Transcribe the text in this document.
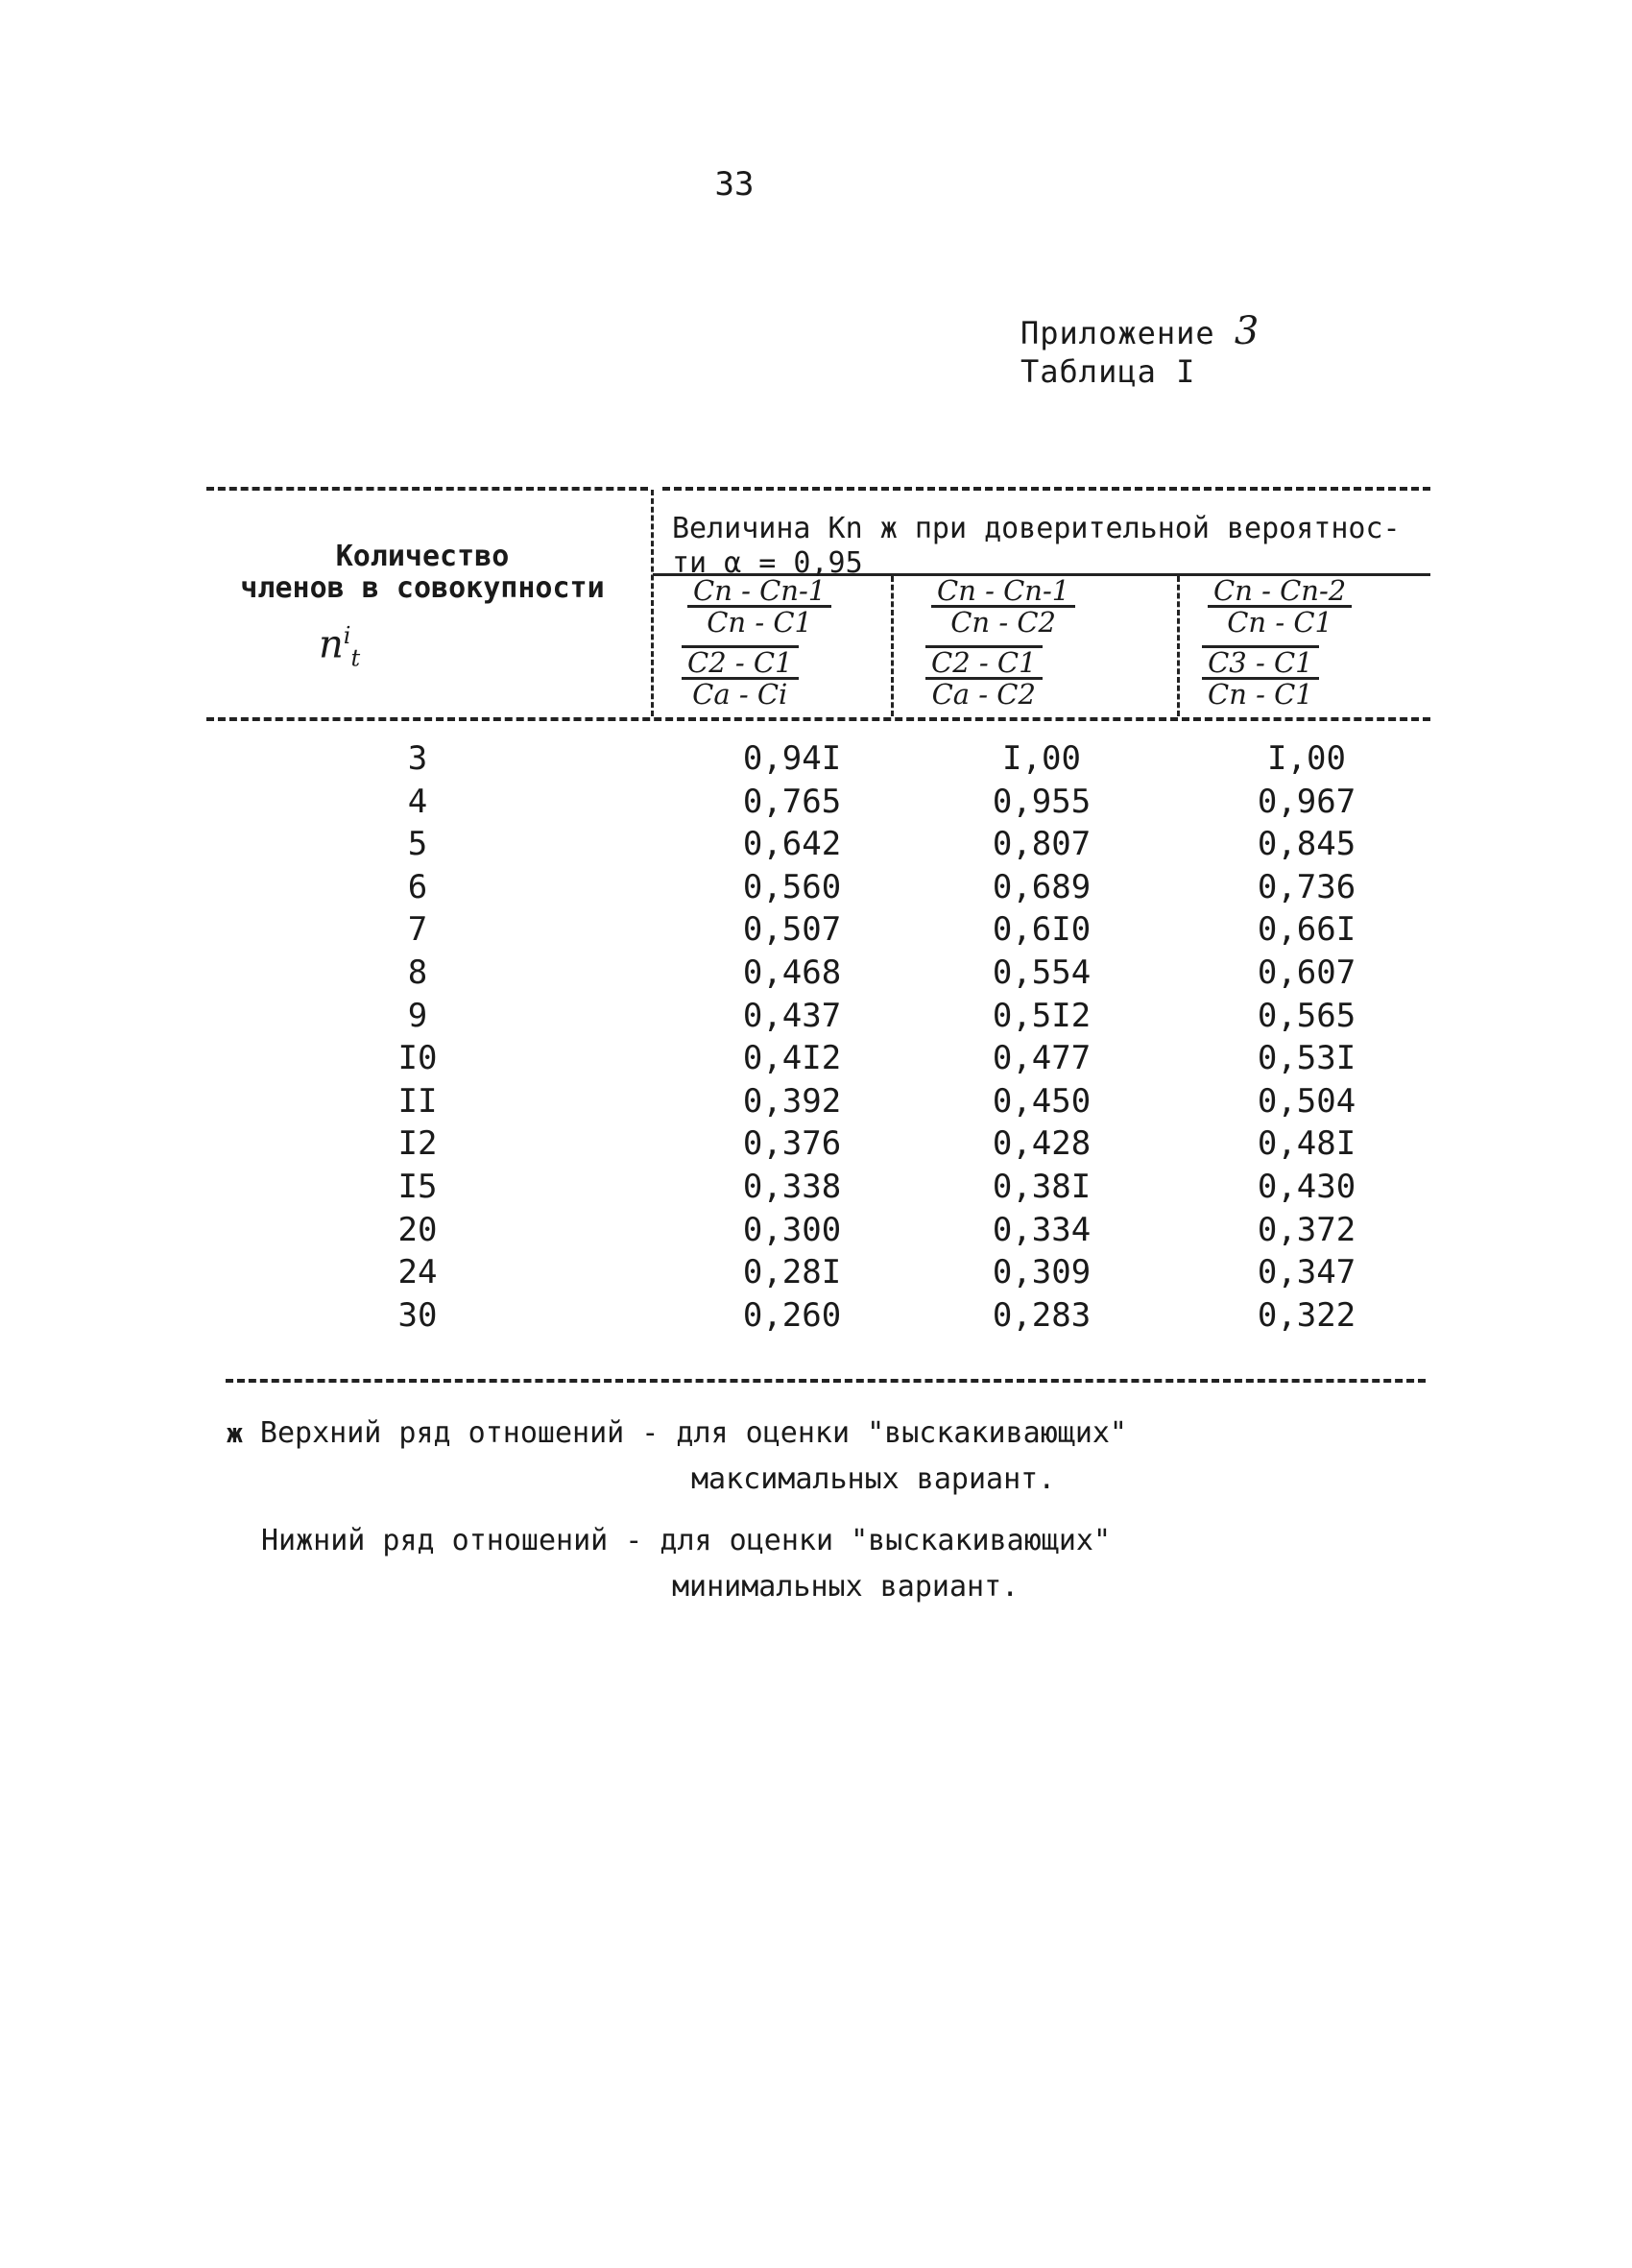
33
Приложение 3
Таблица I
Количество
членов в совокупности
$n^i_t$
Величина Кn ж при доверительной вероятнос-
ти α = 0,95
$\frac{Cn - Cn-1}{Cn - C1}$
$\frac{C2 - C1}{Ca - Ci}$
$\frac{Cn - Cn-1}{Cn - C2}$
$\frac{C2 - C1}{Ca - C2}$
$\frac{Cn - Cn-2}{Cn - C1}$
$\frac{C3 - C1}{Cn - C1}$
3	0,94I	I,00	I,00
4	0,765	0,955	0,967
5	0,642	0,807	0,845
6	0,560	0,689	0,736
7	0,507	0,6I0	0,66I
8	0,468	0,554	0,607
9	0,437	0,5I2	0,565
I0	0,4I2	0,477	0,53I
II	0,392	0,450	0,504
I2	0,376	0,428	0,48I
I5	0,338	0,38I	0,430
20	0,300	0,334	0,372
24	0,28I	0,309	0,347
30	0,260	0,283	0,322
ж Верхний ряд отношений - для оценки "выскакивающих"
максимальных вариант.
Нижний ряд отношений - для оценки "выскакивающих"
минимальных вариант.
